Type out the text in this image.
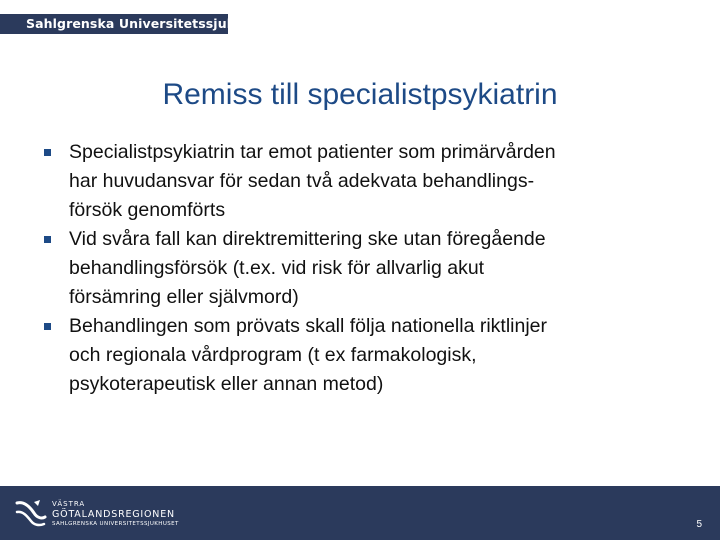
Sahlgrenska Universitetssjukhuset
Remiss till specialistpsykiatrin
Specialistpsykiatrin tar emot patienter som primärvården
har huvudansvar för sedan två adekvata behandlings-
försök genomförts
Vid svåra fall kan direktremittering ske utan föregående
behandlingsförsök (t.ex. vid risk för allvarlig akut
försämring eller självmord)
Behandlingen som prövats skall följa nationella riktlinjer
och regionala vårdprogram (t ex farmakologisk,
psykoterapeutisk eller annan metod)
VÄSTRA
GÖTALANDSREGIONEN
SAHLGRENSKA UNIVERSITETSSJUKHUSET	5
